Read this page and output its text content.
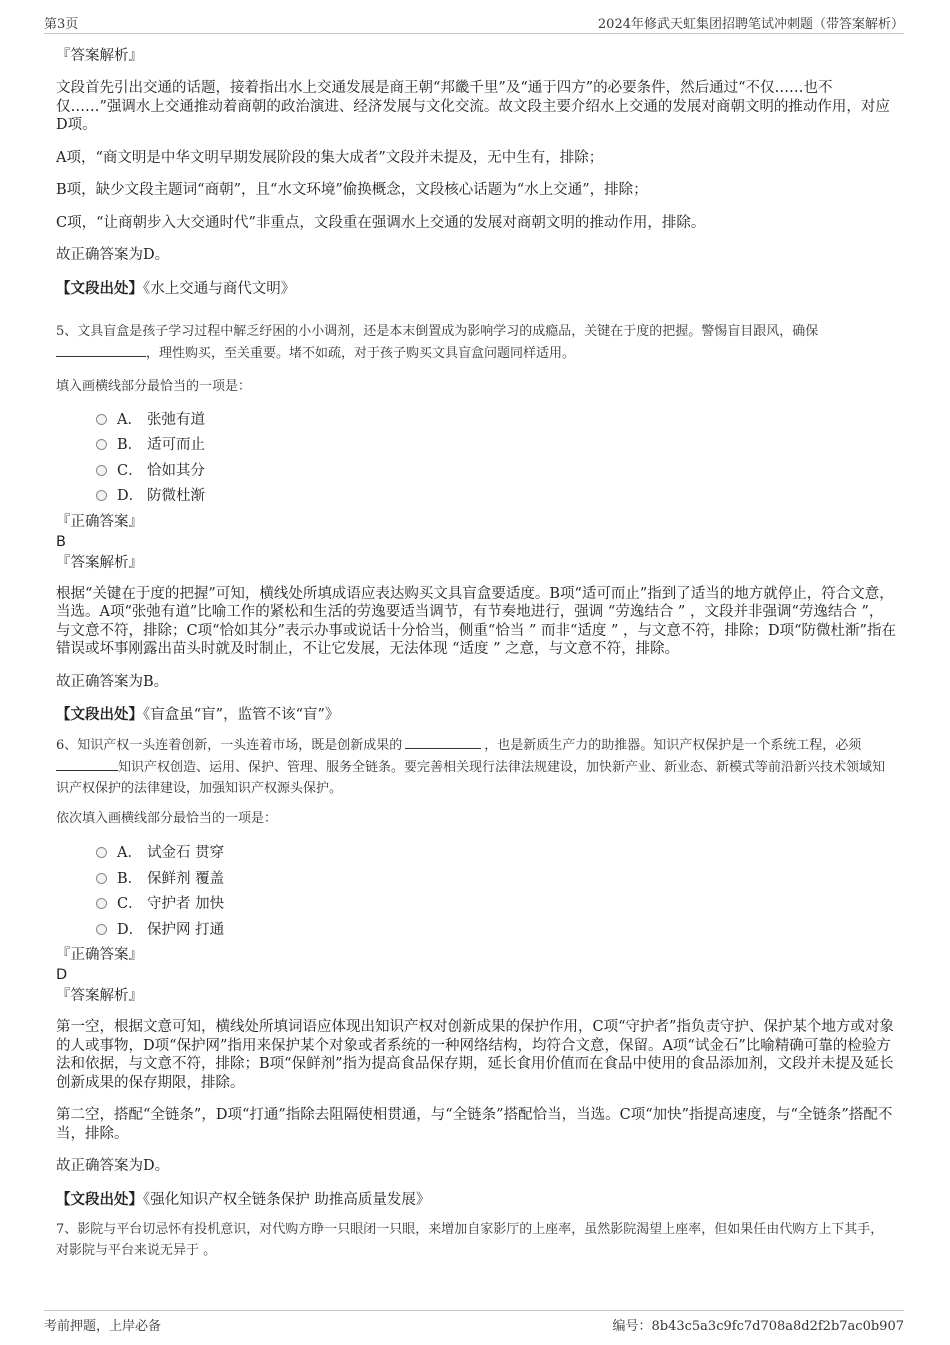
第3页	2024年修武天虹集团招聘笔试冲刺题（带答案解析）

『答案解析』

文段首先引出交通的话题，接着指出水上交通发展是商王朝“邦畿千里”及“通于四方”的必要条件，然后通过“不仅……也不仅……”强调水上交通推动着商朝的政治演进、经济发展与文化交流。故文段主要介绍水上交通的发展对商朝文明的推动作用，对应D项。

A项，“商文明是中华文明早期发展阶段的集大成者”文段并未提及，无中生有，排除；

B项，缺少文段主题词“商朝”，且“水文环境”偷换概念，文段核心话题为“水上交通”，排除；

C项，“让商朝步入大交通时代”非重点，文段重在强调水上交通的发展对商朝文明的推动作用，排除。

故正确答案为D。

【文段出处】《水上交通与商代文明》

5、文具盲盒是孩子学习过程中解乏纾困的小小调剂，还是本末倒置成为影响学习的成瘾品，关键在于度的把握。警惕盲目跟风，确保
，理性购买，至关重要。堵不如疏，对于孩子购买文具盲盒问题同样适用。

填入画横线部分最恰当的一项是：

A． 张弛有道
B． 适可而止
C． 恰如其分
D． 防微杜渐

『正确答案』

B

『答案解析』

根据“关键在于度的把握”可知，横线处所填成语应表达购买文具盲盒要适度。B项“适可而止”指到了适当的地方就停止，符合文意，当选。A项“张弛有道”比喻工作的紧松和生活的劳逸要适当调节，有节奏地进行，强调 “劳逸结合 ” ，文段并非强调“劳逸结合 ”，与文意不符，排除；C项“恰如其分”表示办事或说话十分恰当，侧重“恰当 ” 而非“适度 ” ，与文意不符，排除；D项“防微杜渐”指在错误或坏事刚露出苗头时就及时制止，不让它发展，无法体现 “适度 ” 之意，与文意不符，排除。

故正确答案为B。

【文段出处】《盲盒虽“盲”，监管不该“盲”》

6、知识产权一头连着创新，一头连着市场，既是创新成果的	，也是新质生产力的助推器。知识产权保护是一个系统工程，必须
知识产权创造、运用、保护、管理、服务全链条。要完善相关现行法律法规建设，加快新产业、新业态、新模式等前沿新兴技术领域知识产权保护的法律建设，加强知识产权源头保护。

依次填入画横线部分最恰当的一项是：

A． 试金石 贯穿
B． 保鲜剂 覆盖
C． 守护者 加快
D． 保护网 打通

『正确答案』

D

『答案解析』

第一空，根据文意可知，横线处所填词语应体现出知识产权对创新成果的保护作用，C项“守护者”指负责守护、保护某个地方或对象的人或事物，D项“保护网”指用来保护某个对象或者系统的一种网络结构，均符合文意，保留。A项“试金石”比喻精确可靠的检验方法和依据，与文意不符，排除；B项“保鲜剂”指为提高食品保存期，延长食用价值而在食品中使用的食品添加剂，文段并未提及延长创新成果的保存期限，排除。

第二空，搭配“全链条”，D项“打通”指除去阻隔使相贯通，与“全链条”搭配恰当，当选。C项“加快”指提高速度，与“全链条”搭配不当，排除。

故正确答案为D。

【文段出处】《强化知识产权全链条保护 助推高质量发展》

7、影院与平台切忌怀有投机意识，对代购方睁一只眼闭一只眼，来增加自家影厅的上座率，虽然影院渴望上座率，但如果任由代购方上下其手，对影院与平台来说无异于 。

考前押题，上岸必备	编号：8b43c5a3c9fc7d708a8d2f2b7ac0b907
